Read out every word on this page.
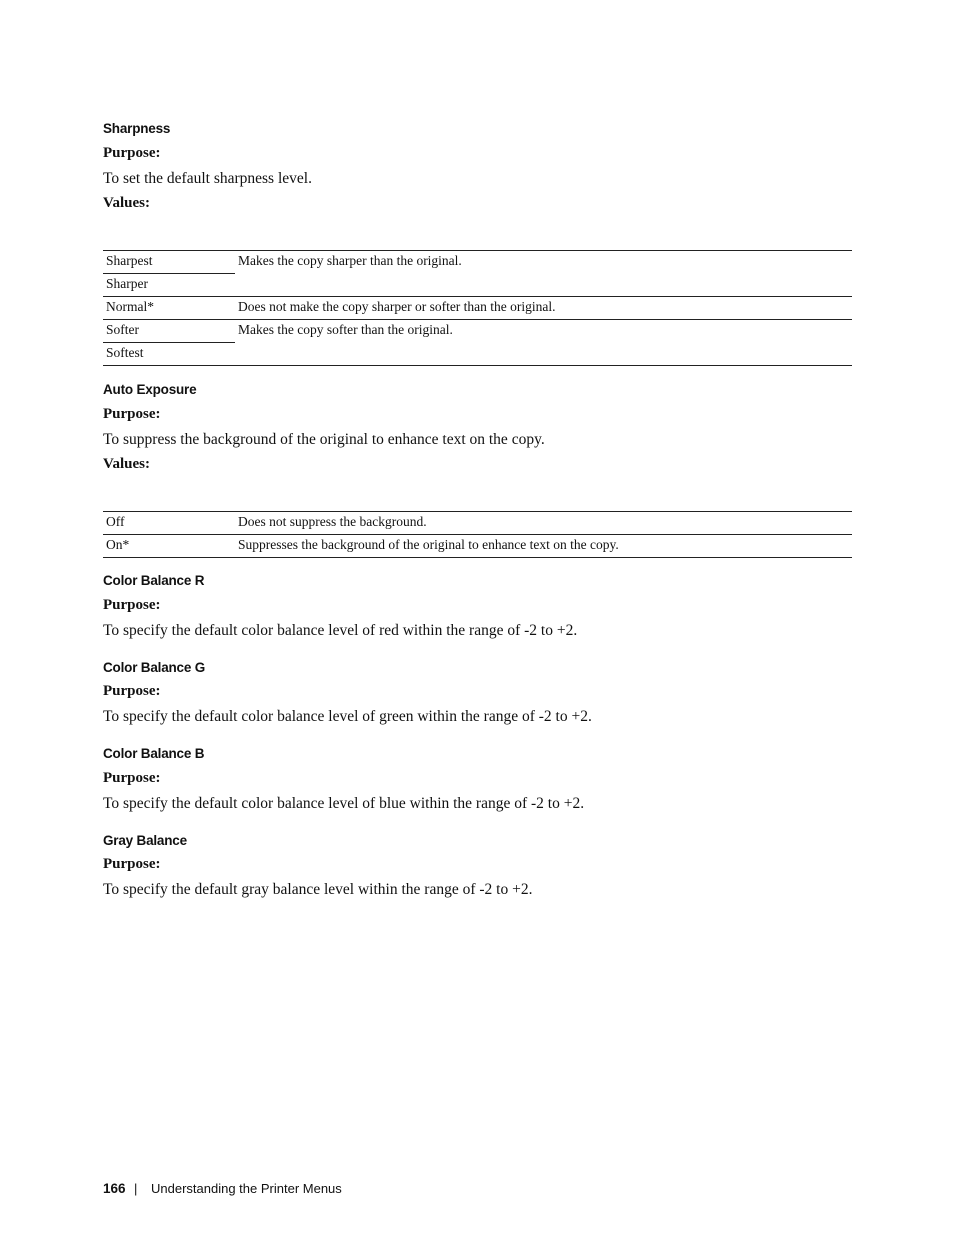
Sharpness
Purpose:
To set the default sharpness level.
Values:
Sharpest	Makes the copy sharper than the original.
Sharper	
Normal*	Does not make the copy sharper or softer than the original.
Softer	Makes the copy softer than the original.
Softest	
Auto Exposure
Purpose:
To suppress the background of the original to enhance text on the copy.
Values:
Off	Does not suppress the background.
On*	Suppresses the background of the original to enhance text on the copy.
Color Balance R
Purpose:
To specify the default color balance level of red within the range of -2 to +2.
Color Balance G
Purpose:
To specify the default color balance level of green within the range of -2 to +2.
Color Balance B
Purpose:
To specify the default color balance level of blue within the range of -2 to +2.
Gray Balance
Purpose:
To specify the default gray balance level within the range of -2 to +2.
166 | Understanding the Printer Menus
